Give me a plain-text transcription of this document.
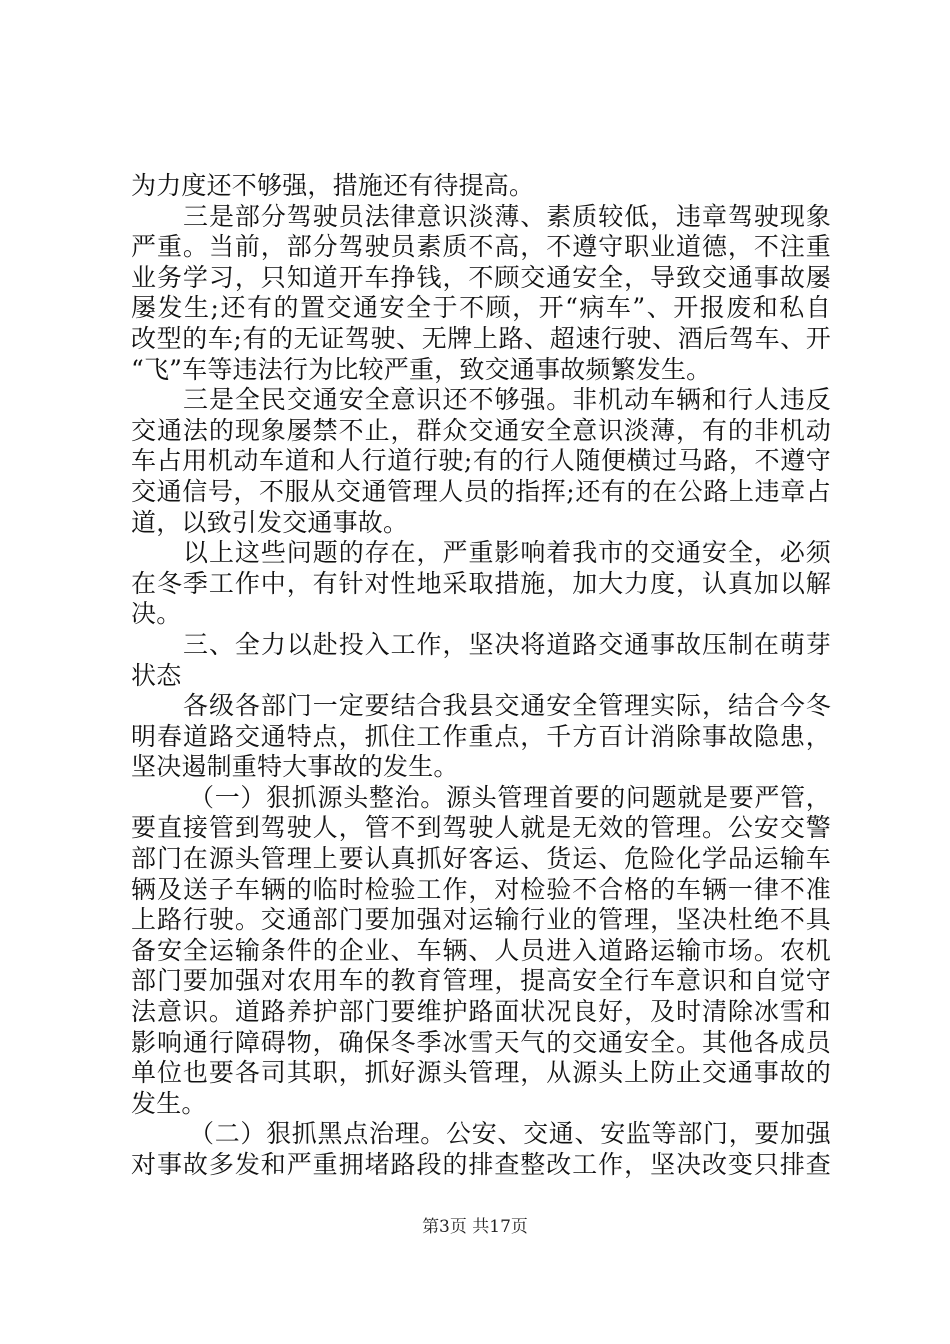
为力度还不够强，措施还有待提高。
三是部分驾驶员法律意识淡薄、素质较低，违章驾驶现象
严重。当前，部分驾驶员素质不高，不遵守职业道德，不注重
业务学习，只知道开车挣钱，不顾交通安全，导致交通事故屡
屡发生;还有的置交通安全于不顾，开“病车”、开报废和私自
改型的车;有的无证驾驶、无牌上路、超速行驶、酒后驾车、开
“飞”车等违法行为比较严重，致交通事故频繁发生。
三是全民交通安全意识还不够强。非机动车辆和行人违反
交通法的现象屡禁不止，群众交通安全意识淡薄，有的非机动
车占用机动车道和人行道行驶;有的行人随便横过马路，不遵守
交通信号，不服从交通管理人员的指挥;还有的在公路上违章占
道，以致引发交通事故。
以上这些问题的存在，严重影响着我市的交通安全，必须
在冬季工作中，有针对性地采取措施，加大力度，认真加以解
决。
三、全力以赴投入工作，坚决将道路交通事故压制在萌芽
状态
各级各部门一定要结合我县交通安全管理实际，结合今冬
明春道路交通特点，抓住工作重点，千方百计消除事故隐患，
坚决遏制重特大事故的发生。
（一）狠抓源头整治。源头管理首要的问题就是要严管，
要直接管到驾驶人，管不到驾驶人就是无效的管理。公安交警
部门在源头管理上要认真抓好客运、货运、危险化学品运输车
辆及送子车辆的临时检验工作，对检验不合格的车辆一律不准
上路行驶。交通部门要加强对运输行业的管理，坚决杜绝不具
备安全运输条件的企业、车辆、人员进入道路运输市场。农机
部门要加强对农用车的教育管理，提高安全行车意识和自觉守
法意识。道路养护部门要维护路面状况良好，及时清除冰雪和
影响通行障碍物，确保冬季冰雪天气的交通安全。其他各成员
单位也要各司其职，抓好源头管理，从源头上防止交通事故的
发生。
（二）狠抓黑点治理。公安、交通、安监等部门，要加强
对事故多发和严重拥堵路段的排查整改工作，坚决改变只排查
第3页 共17页
